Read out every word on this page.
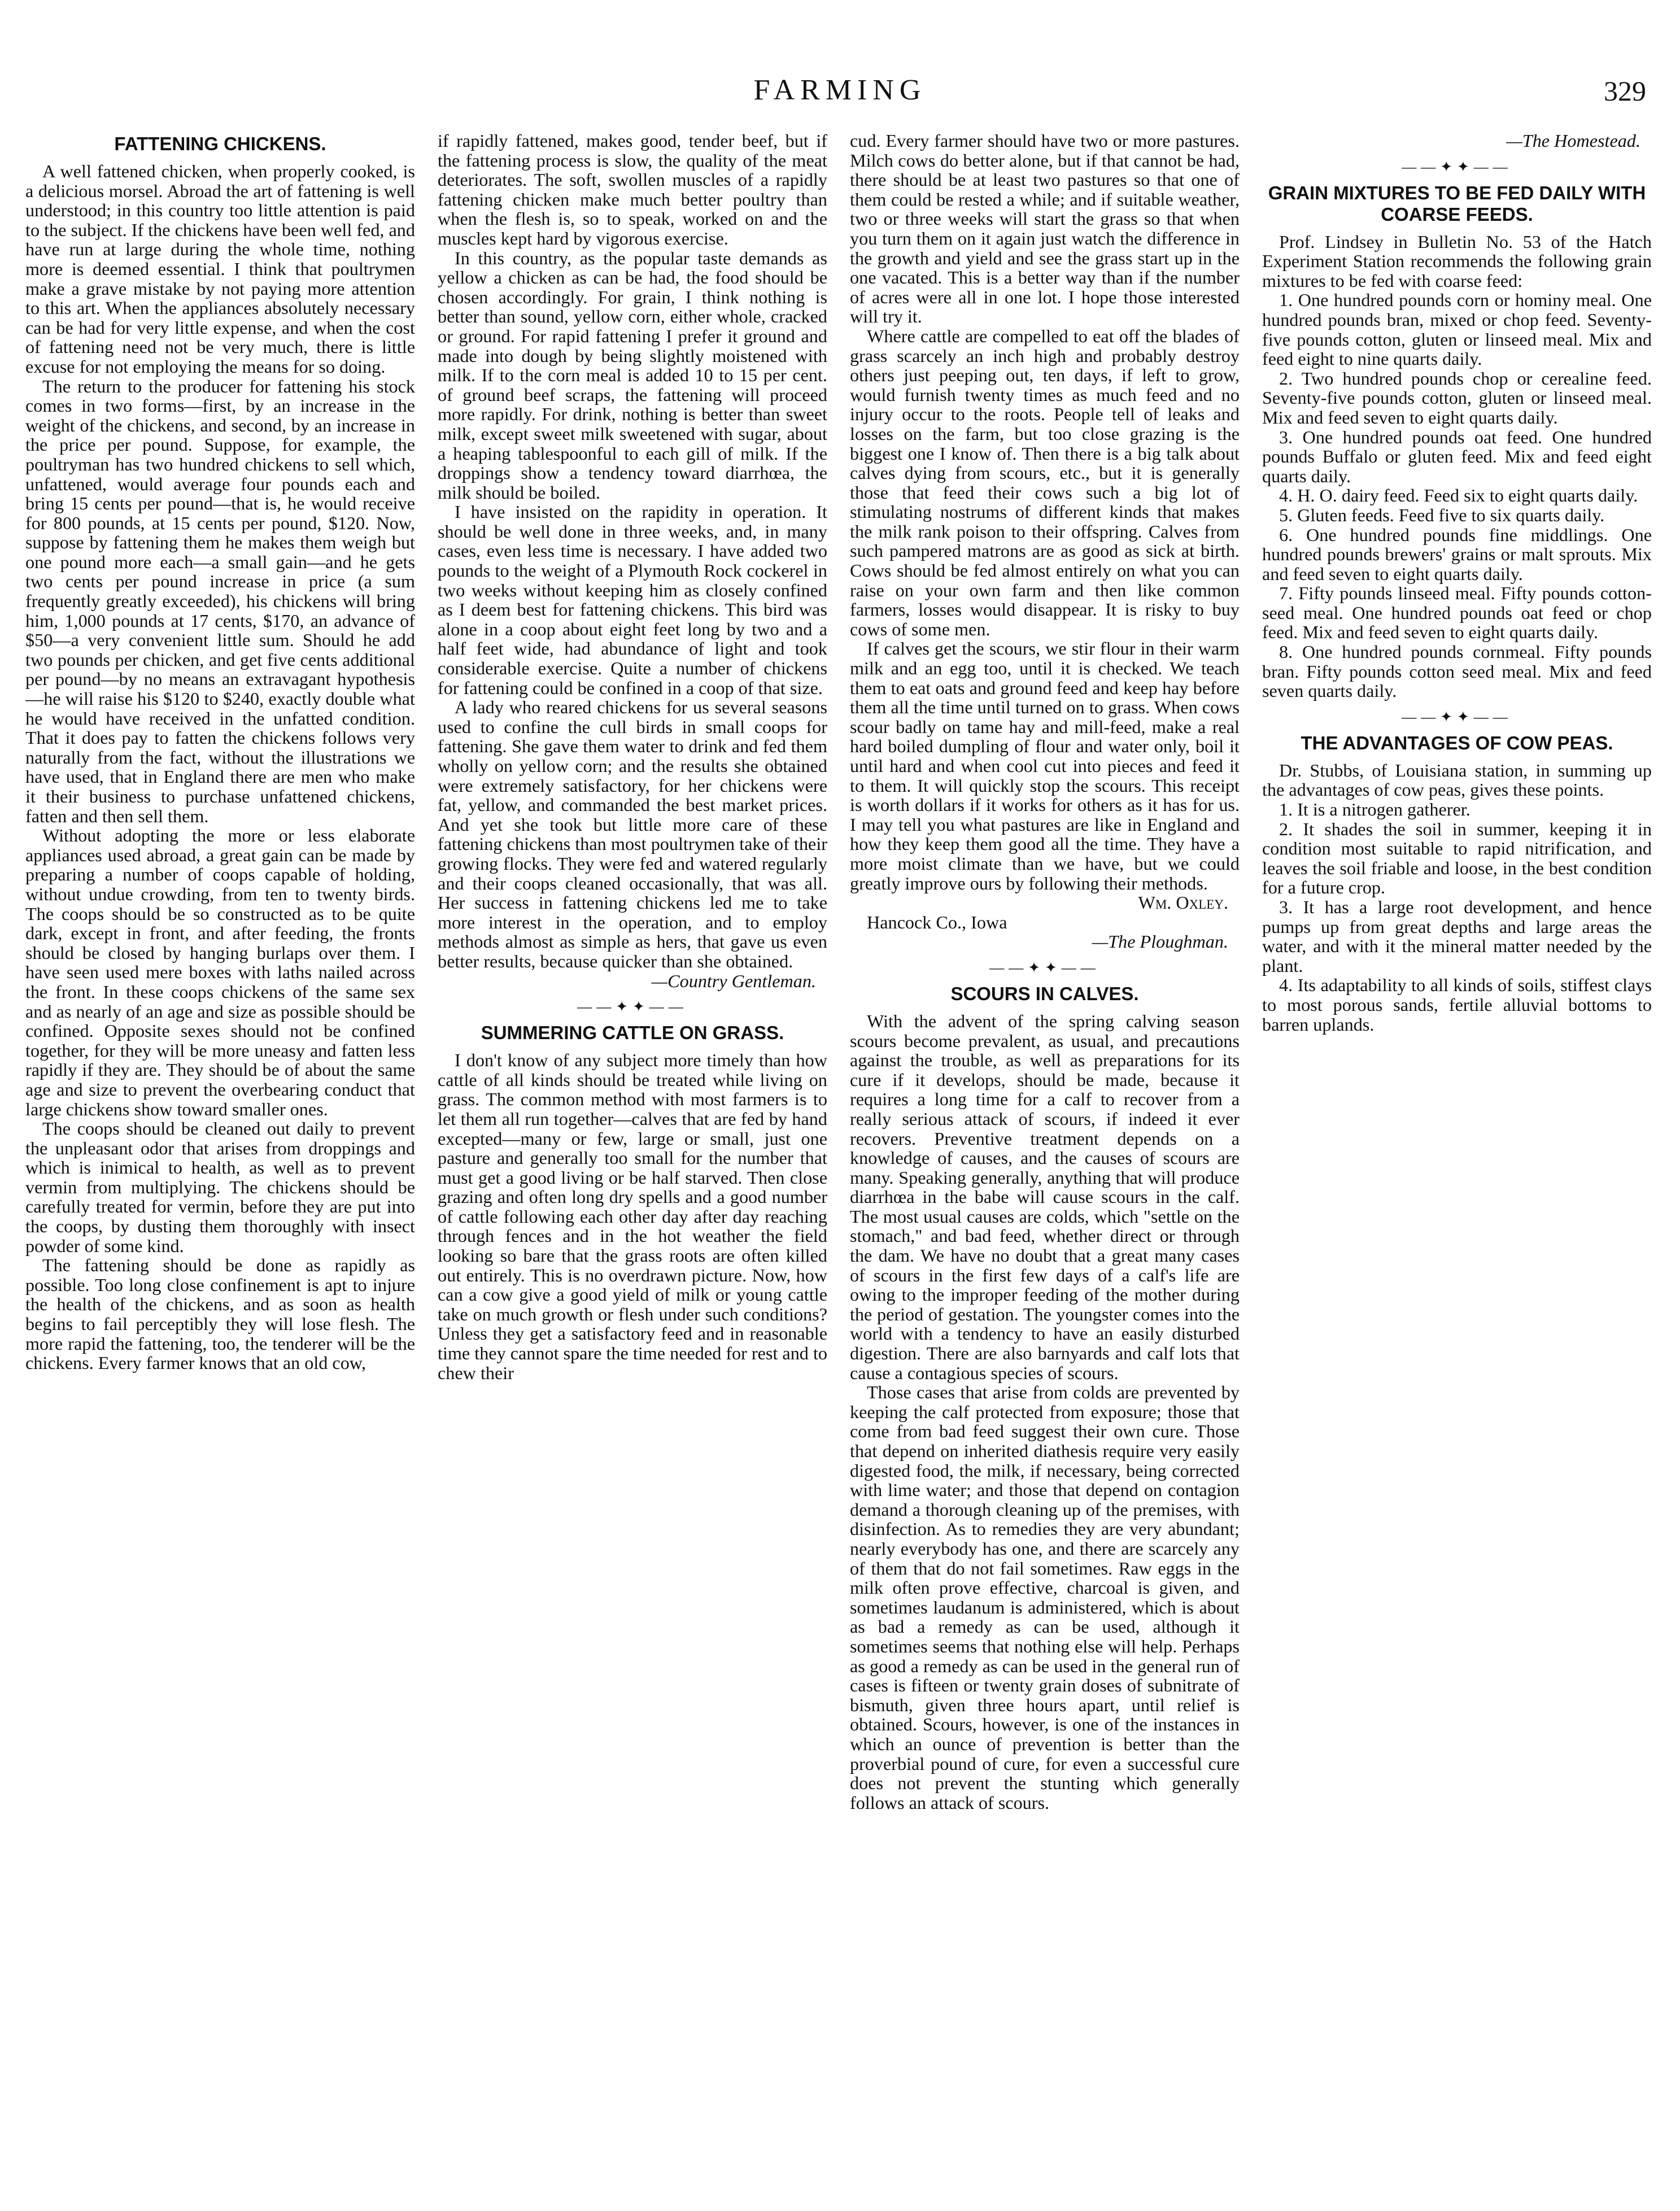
FARMING	329
FATTENING CHICKENS.

A well fattened chicken, when properly cooked, is a delicious morsel. Abroad the art of fattening is well understood; in this country too little attention is paid to the subject. If the chickens have been well fed, and have run at large during the whole time, nothing more is deemed essential. I think that poultrymen make a grave mistake by not paying more attention to this art. When the appliances absolutely necessary can be had for very little expense, and when the cost of fattening need not be very much, there is little excuse for not employing the means for so doing.

The return to the producer for fattening his stock comes in two forms—first, by an increase in the weight of the chickens, and second, by an increase in the price per pound. Suppose, for example, the poultryman has two hundred chickens to sell which, unfattened, would average four pounds each and bring 15 cents per pound—that is, he would receive for 800 pounds, at 15 cents per pound, $120. Now, suppose by fattening them he makes them weigh but one pound more each—a small gain—and he gets two cents per pound increase in price (a sum frequently greatly exceeded), his chickens will bring him, 1,000 pounds at 17 cents, $170, an advance of $50—a very convenient little sum. Should he add two pounds per chicken, and get five cents additional per pound—by no means an extravagant hypothesis—he will raise his $120 to $240, exactly double what he would have received in the unfatted condition. That it does pay to fatten the chickens follows very naturally from the fact, without the illustrations we have used, that in England there are men who make it their business to purchase unfattened chickens, fatten and then sell them.

Without adopting the more or less elaborate appliances used abroad, a great gain can be made by preparing a number of coops capable of holding, without undue crowding, from ten to twenty birds. The coops should be so constructed as to be quite dark, except in front, and after feeding, the fronts should be closed by hanging burlaps over them. I have seen used mere boxes with laths nailed across the front. In these coops chickens of the same sex and as nearly of an age and size as possible should be confined. Opposite sexes should not be confined together, for they will be more uneasy and fatten less rapidly if they are. They should be of about the same age and size to prevent the overbearing conduct that large chickens show toward smaller ones.

The coops should be cleaned out daily to prevent the unpleasant odor that arises from droppings and which is inimical to health, as well as to prevent vermin from multiplying. The chickens should be carefully treated for vermin, before they are put into the coops, by dusting them thoroughly with insect powder of some kind.

The fattening should be done as rapidly as possible. Too long close confinement is apt to injure the health of the chickens, and as soon as health begins to fail perceptibly they will lose flesh. The more rapid the fattening, too, the tenderer will be the chickens. Every farmer knows that an old cow,

if rapidly fattened, makes good, tender beef, but if the fattening process is slow, the quality of the meat deteriorates. The soft, swollen muscles of a rapidly fattening chicken make much better poultry than when the flesh is, so to speak, worked on and the muscles kept hard by vigorous exercise.

In this country, as the popular taste demands as yellow a chicken as can be had, the food should be chosen accordingly. For grain, I think nothing is better than sound, yellow corn, either whole, cracked or ground. For rapid fattening I prefer it ground and made into dough by being slightly moistened with milk. If to the corn meal is added 10 to 15 per cent. of ground beef scraps, the fattening will proceed more rapidly. For drink, nothing is better than sweet milk, except sweet milk sweetened with sugar, about a heaping tablespoonful to each gill of milk. If the droppings show a tendency toward diarrhœa, the milk should be boiled.

I have insisted on the rapidity in operation. It should be well done in three weeks, and, in many cases, even less time is necessary. I have added two pounds to the weight of a Plymouth Rock cockerel in two weeks without keeping him as closely confined as I deem best for fattening chickens. This bird was alone in a coop about eight feet long by two and a half feet wide, had abundance of light and took considerable exercise. Quite a number of chickens for fattening could be confined in a coop of that size.

A lady who reared chickens for us several seasons used to confine the cull birds in small coops for fattening. She gave them water to drink and fed them wholly on yellow corn; and the results she obtained were extremely satisfactory, for her chickens were fat, yellow, and commanded the best market prices. And yet she took but little more care of these fattening chickens than most poultrymen take of their growing flocks. They were fed and watered regularly and their coops cleaned occasionally, that was all. Her success in fattening chickens led me to take more interest in the operation, and to employ methods almost as simple as hers, that gave us even better results, because quicker than she obtained.

—Country Gentleman.
——✦✦——
SUMMERING CATTLE ON GRASS.

I don't know of any subject more timely than how cattle of all kinds should be treated while living on grass. The common method with most farmers is to let them all run together—calves that are fed by hand excepted—many or few, large or small, just one pasture and generally too small for the number that must get a good living or be half starved. Then close grazing and often long dry spells and a good number of cattle following each other day after day reaching through fences and in the hot weather the field looking so bare that the grass roots are often killed out entirely. This is no overdrawn picture. Now, how can a cow give a good yield of milk or young cattle take on much growth or flesh under such conditions? Unless they get a satisfactory feed and in reasonable time they cannot spare the time needed for rest and to chew their

cud. Every farmer should have two or more pastures. Milch cows do better alone, but if that cannot be had, there should be at least two pastures so that one of them could be rested a while; and if suitable weather, two or three weeks will start the grass so that when you turn them on it again just watch the difference in the growth and yield and see the grass start up in the one vacated. This is a better way than if the number of acres were all in one lot. I hope those interested will try it.

Where cattle are compelled to eat off the blades of grass scarcely an inch high and probably destroy others just peeping out, ten days, if left to grow, would furnish twenty times as much feed and no injury occur to the roots. People tell of leaks and losses on the farm, but too close grazing is the biggest one I know of. Then there is a big talk about calves dying from scours, etc., but it is generally those that feed their cows such a big lot of stimulating nostrums of different kinds that makes the milk rank poison to their offspring. Calves from such pampered matrons are as good as sick at birth. Cows should be fed almost entirely on what you can raise on your own farm and then like common farmers, losses would disappear. It is risky to buy cows of some men.

If calves get the scours, we stir flour in their warm milk and an egg too, until it is checked. We teach them to eat oats and ground feed and keep hay before them all the time until turned on to grass. When cows scour badly on tame hay and mill-feed, make a real hard boiled dumpling of flour and water only, boil it until hard and when cool cut into pieces and feed it to them. It will quickly stop the scours. This receipt is worth dollars if it works for others as it has for us. I may tell you what pastures are like in England and how they keep them good all the time. They have a more moist climate than we have, but we could greatly improve ours by following their methods.

Wm. Oxley.
Hancock Co., Iowa
—The Ploughman.
——✦✦——
SCOURS IN CALVES.

With the advent of the spring calving season scours become prevalent, as usual, and precautions against the trouble, as well as preparations for its cure if it develops, should be made, because it requires a long time for a calf to recover from a really serious attack of scours, if indeed it ever recovers. Preventive treatment depends on a knowledge of causes, and the causes of scours are many. Speaking generally, anything that will produce diarrhœa in the babe will cause scours in the calf. The most usual causes are colds, which "settle on the stomach," and bad feed, whether direct or through the dam. We have no doubt that a great many cases of scours in the first few days of a calf's life are owing to the improper feeding of the mother during the period of gestation. The youngster comes into the world with a tendency to have an easily disturbed digestion. There are also barnyards and calf lots that cause a contagious species of scours.

Those cases that arise from colds are prevented by keeping the calf protected from exposure; those that come from bad feed suggest their own cure. Those that depend on inherited diathesis require very easily digested food, the milk, if necessary, being corrected with lime water; and those that depend on contagion demand a thorough cleaning up of the premises, with disinfection. As to remedies they are very abundant; nearly everybody has one, and there are scarcely any of them that do not fail sometimes. Raw eggs in the milk often prove effective, charcoal is given, and sometimes laudanum is administered, which is about as bad a remedy as can be used, although it sometimes seems that nothing else will help. Perhaps as good a remedy as can be used in the general run of cases is fifteen or twenty grain doses of subnitrate of bismuth, given three hours apart, until relief is obtained. Scours, however, is one of the instances in which an ounce of prevention is better than the proverbial pound of cure, for even a successful cure does not prevent the stunting which generally follows an attack of scours.

—The Homestead.
——✦✦——
GRAIN MIXTURES TO BE FED DAILY WITH COARSE FEEDS.

Prof. Lindsey in Bulletin No. 53 of the Hatch Experiment Station recommends the following grain mixtures to be fed with coarse feed:

1. One hundred pounds corn or hominy meal. One hundred pounds bran, mixed or chop feed. Seventy-five pounds cotton, gluten or linseed meal. Mix and feed eight to nine quarts daily.

2. Two hundred pounds chop or cerealine feed. Seventy-five pounds cotton, gluten or linseed meal. Mix and feed seven to eight quarts daily.

3. One hundred pounds oat feed. One hundred pounds Buffalo or gluten feed. Mix and feed eight quarts daily.

4. H. O. dairy feed. Feed six to eight quarts daily.

5. Gluten feeds. Feed five to six quarts daily.

6. One hundred pounds fine middlings. One hundred pounds brewers' grains or malt sprouts. Mix and feed seven to eight quarts daily.

7. Fifty pounds linseed meal. Fifty pounds cotton-seed meal. One hundred pounds oat feed or chop feed. Mix and feed seven to eight quarts daily.

8. One hundred pounds cornmeal. Fifty pounds bran. Fifty pounds cotton seed meal. Mix and feed seven quarts daily.

——✦✦——
THE ADVANTAGES OF COW PEAS.

Dr. Stubbs, of Louisiana station, in summing up the advantages of cow peas, gives these points.

1. It is a nitrogen gatherer.

2. It shades the soil in summer, keeping it in condition most suitable to rapid nitrification, and leaves the soil friable and loose, in the best condition for a future crop.

3. It has a large root development, and hence pumps up from great depths and large areas the water, and with it the mineral matter needed by the plant.

4. Its adaptability to all kinds of soils, stiffest clays to most porous sands, fertile alluvial bottoms to barren uplands.
